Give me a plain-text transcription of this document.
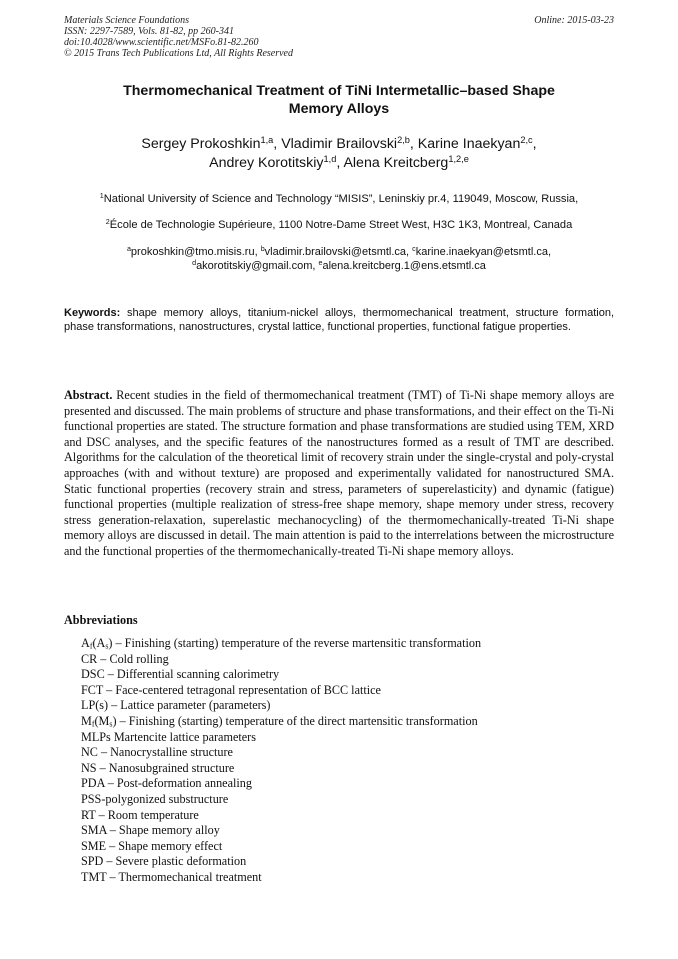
Materials Science Foundations
ISSN: 2297-7589, Vols. 81-82, pp 260-341
doi:10.4028/www.scientific.net/MSFo.81-82.260
© 2015 Trans Tech Publications Ltd, All Rights Reserved
Online: 2015-03-23
Thermomechanical Treatment of TiNi Intermetallic–based Shape
Memory Alloys
Sergey Prokoshkin$^{1,a}$, Vladimir Brailovski$^{2,b}$, Karine Inaekyan$^{2,c}$,
Andrey Korotitskiy$^{1,d}$, Alena Kreitcberg$^{1,2,e}$
$^1$National University of Science and Technology “MISIS”, Leninskiy pr.4, 119049, Moscow, Russia,
$^2$École de Technologie Supérieure, 1100 Notre-Dame Street West, H3C 1K3, Montreal, Canada
$^a$prokoshkin@tmo.misis.ru, $^b$vladimir.brailovski@etsmtl.ca, $^c$karine.inaekyan@etsmtl.ca,
$^d$akorotitskiy@gmail.com, $^e$alena.kreitcberg.1@ens.etsmtl.ca
Keywords: shape memory alloys, titanium-nickel alloys, thermomechanical treatment, structure formation, phase transformations, nanostructures, crystal lattice, functional properties, functional fatigue properties.
Abstract. Recent studies in the field of thermomechanical treatment (TMT) of Ti-Ni shape memory alloys are presented and discussed. The main problems of structure and phase transformations, and their effect on the Ti-Ni functional properties are stated. The structure formation and phase transformations are studied using TEM, XRD and DSC analyses, and the specific features of the nanostructures formed as a result of TMT are described. Algorithms for the calculation of the theoretical limit of recovery strain under the single-crystal and poly-crystal approaches (with and without texture) are proposed and experimentally validated for nanostructured SMA. Static functional properties (recovery strain and stress, parameters of superelasticity) and dynamic (fatigue) functional properties (multiple realization of stress-free shape memory, shape memory under stress, recovery stress generation-relaxation, superelastic mechanocycling) of the thermomechanically-treated Ti-Ni shape memory alloys are discussed in detail. The main attention is paid to the interrelations between the microstructure and the functional properties of the thermomechanically-treated Ti-Ni shape memory alloys.
Abbreviations
$A_f(A_s)$ – Finishing (starting) temperature of the reverse martensitic transformation
CR – Cold rolling
DSC – Differential scanning calorimetry
FCT – Face-centered tetragonal representation of BCC lattice
LP(s) – Lattice parameter (parameters)
$M_f(M_s)$ – Finishing (starting) temperature of the direct martensitic transformation
MLPs Martencite lattice parameters
NC – Nanocrystalline structure
NS – Nanosubgrained structure
PDA – Post-deformation annealing
PSS-polygonized substructure
RT – Room temperature
SMA – Shape memory alloy
SME – Shape memory effect
SPD – Severe plastic deformation
TMT – Thermomechanical treatment
